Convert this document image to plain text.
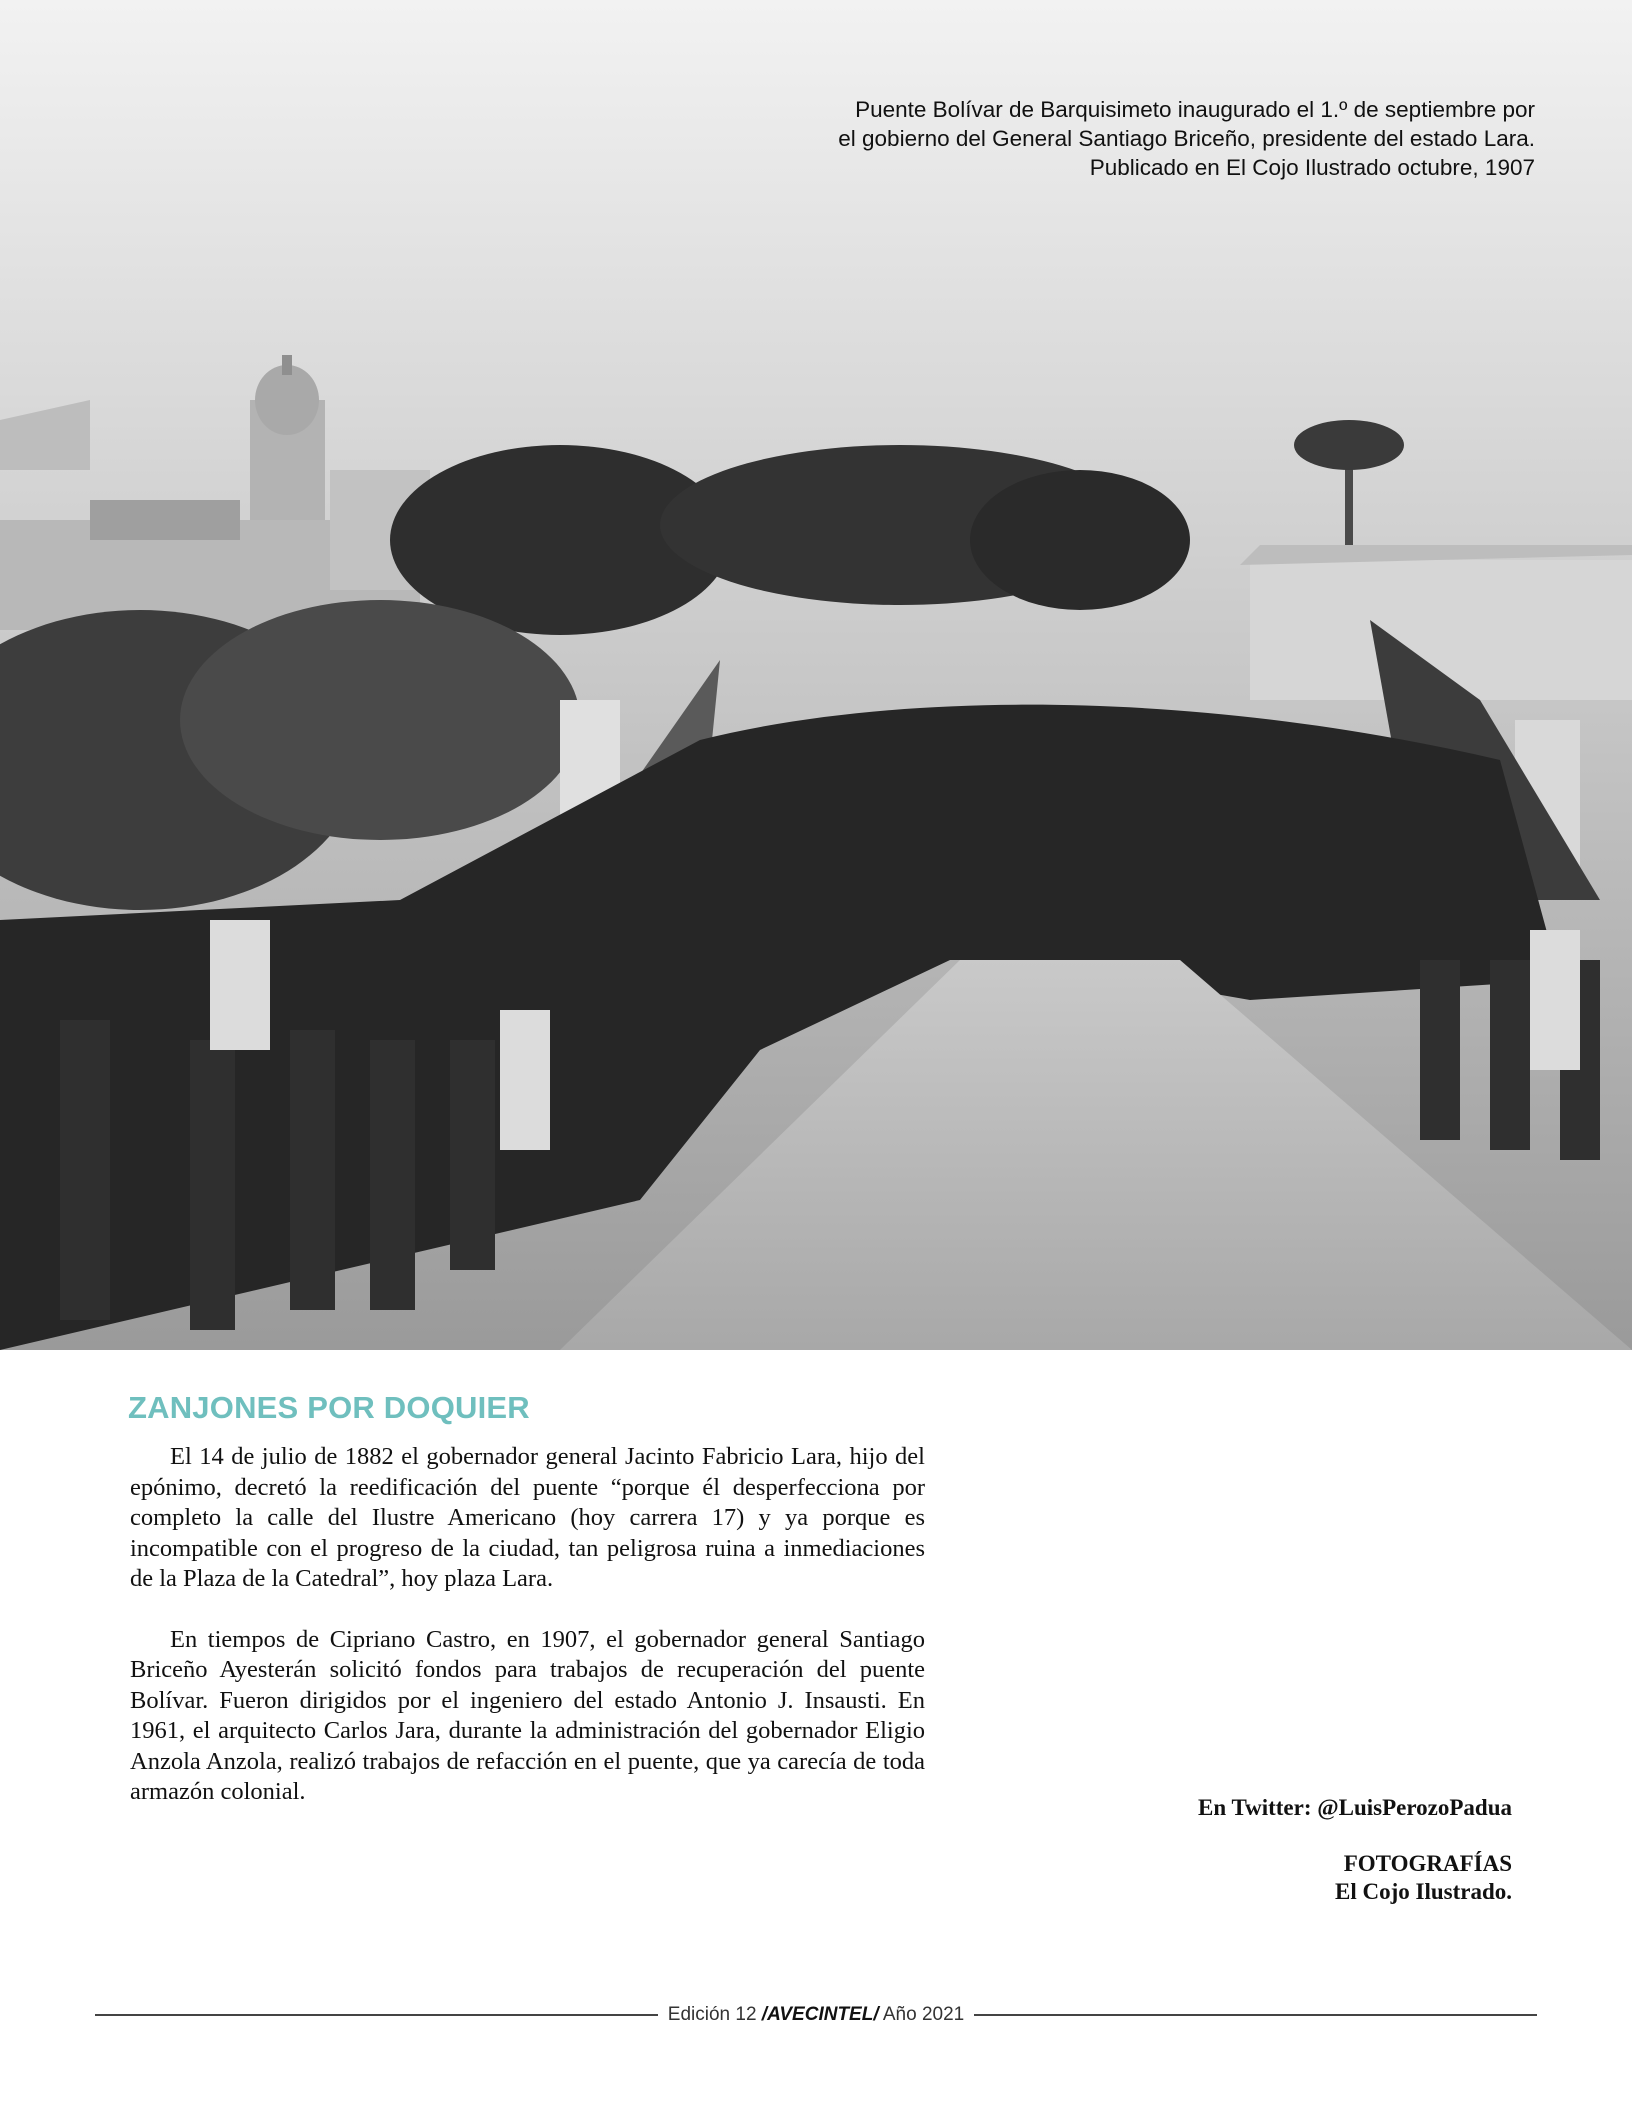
Puente Bolívar de Barquisimeto inaugurado el 1.º de septiembre por
el gobierno del General Santiago Briceño, presidente del estado Lara.
Publicado en El Cojo Ilustrado octubre, 1907
ZANJONES POR DOQUIER

El 14 de julio de 1882 el gobernador general Jacinto Fabricio Lara, hijo del epónimo, decretó la reedificación del puente “porque él desperfecciona por completo la calle del Ilustre Americano (hoy carrera 17) y ya porque es incompatible con el progreso de la ciudad, tan peligrosa ruina a inmediaciones de la Plaza de la Catedral”, hoy plaza Lara.

En tiempos de Cipriano Castro, en 1907, el gobernador general Santiago Briceño Ayesterán solicitó fondos para trabajos de recuperación del puente Bolívar. Fueron dirigidos por el ingeniero del estado Antonio J. Insausti. En 1961, el arquitecto Carlos Jara, durante la administración del gobernador Eligio Anzola Anzola, realizó trabajos de refacción en el puente, que ya carecía de toda armazón colonial.

En Twitter: @LuisPerozoPadua
FOTOGRAFÍAS
El Cojo Ilustrado.
Edición 12 /AVECINTEL/ Año 2021
